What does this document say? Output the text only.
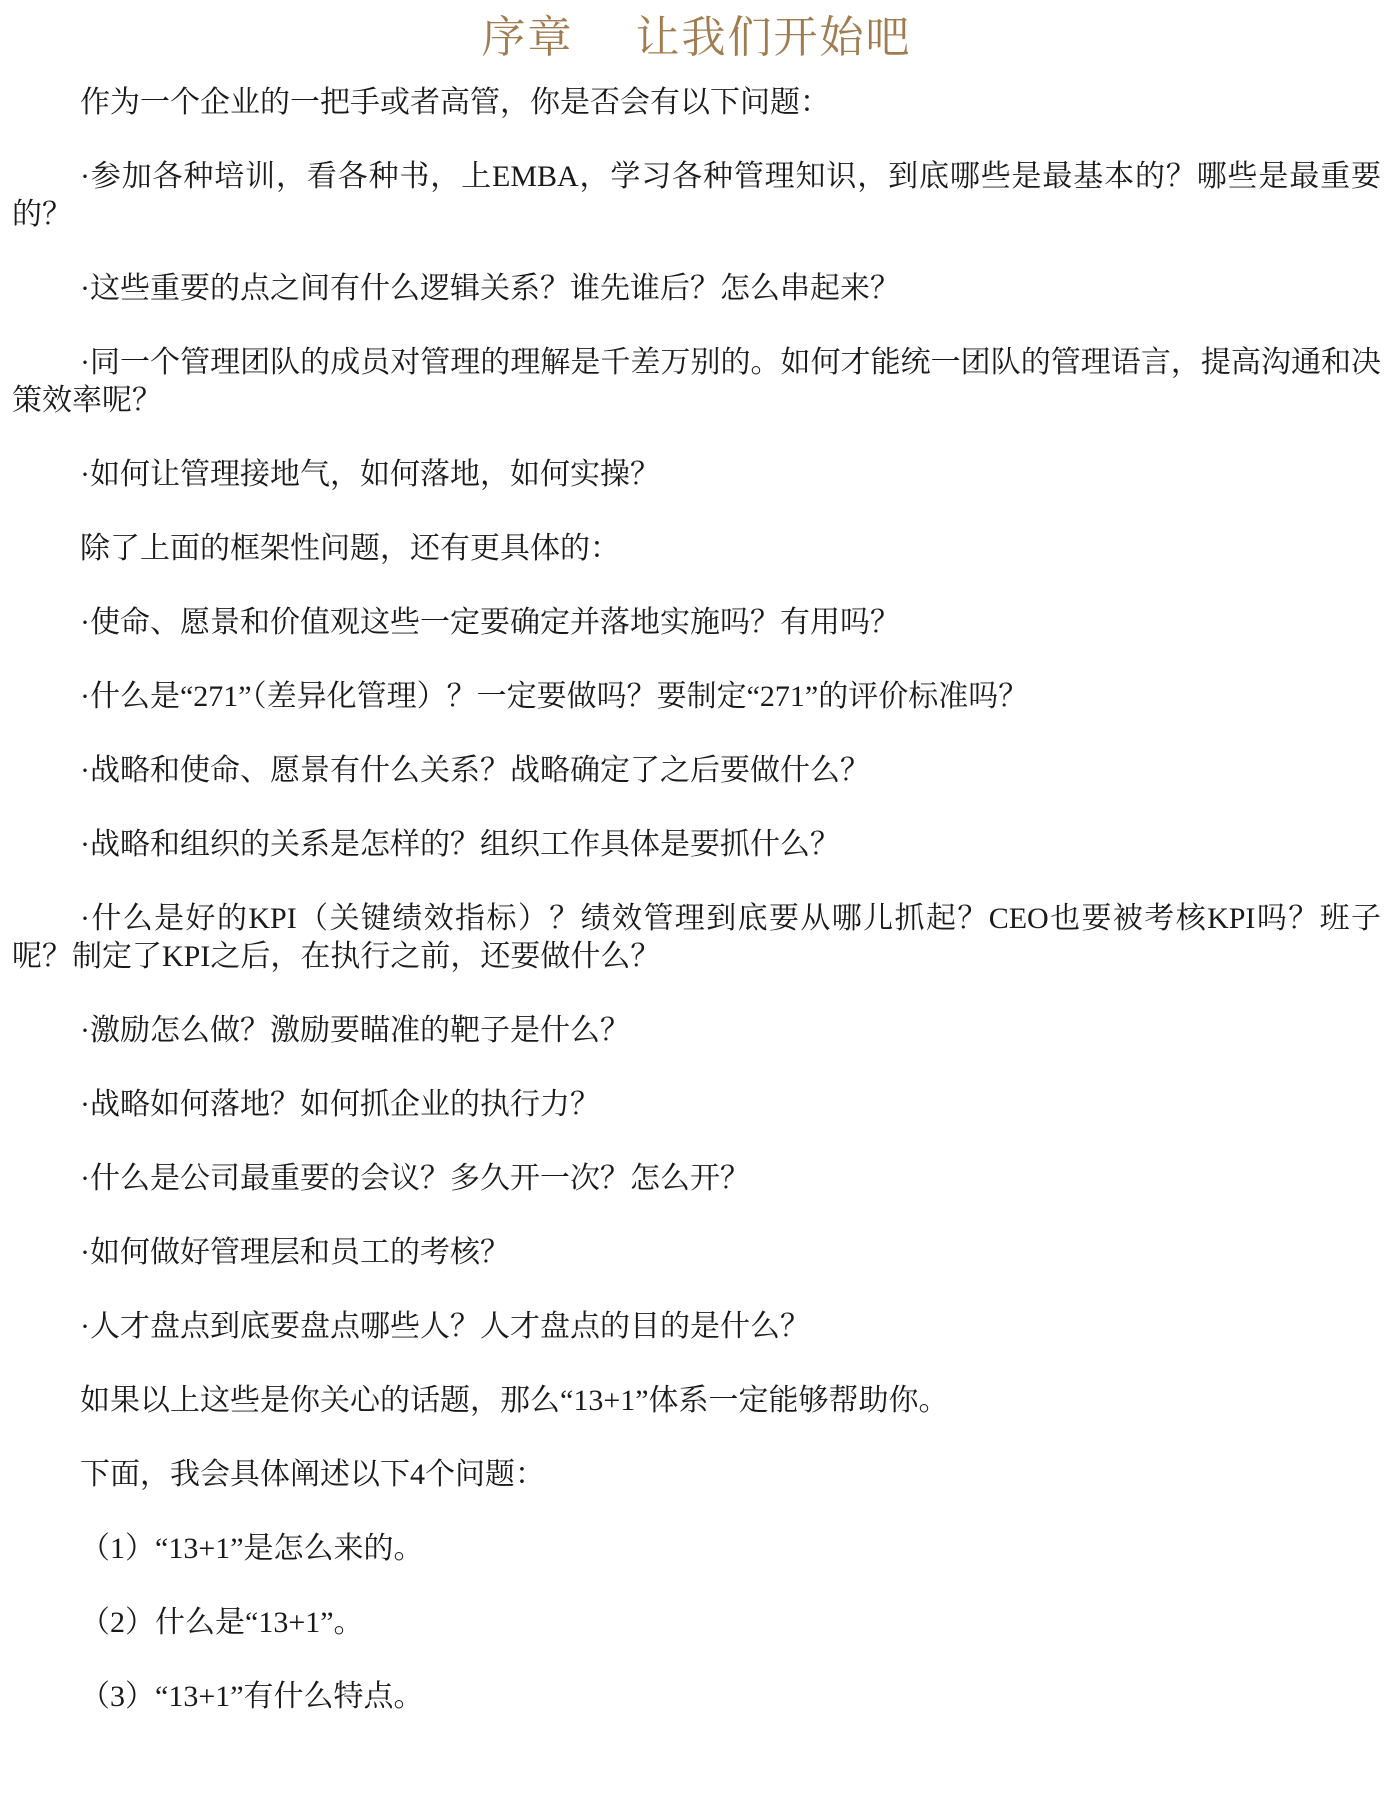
序章　 让我们开始吧

作为一个企业的一把手或者高管，你是否会有以下问题：

·参加各种培训，看各种书，上EMBA，学习各种管理知识，到底哪些是最基本的？哪些是最重要的？

·这些重要的点之间有什么逻辑关系？谁先谁后？怎么串起来？

·同一个管理团队的成员对管理的理解是千差万别的。如何才能统一团队的管理语言，提高沟通和决策效率呢？

·如何让管理接地气，如何落地，如何实操？

除了上面的框架性问题，还有更具体的：

·使命、愿景和价值观这些一定要确定并落地实施吗？有用吗？

·什么是“271”（差异化管理）？一定要做吗？要制定“271”的评价标准吗？

·战略和使命、愿景有什么关系？战略确定了之后要做什么？

·战略和组织的关系是怎样的？组织工作具体是要抓什么？

·什么是好的KPI（关键绩效指标）？绩效管理到底要从哪儿抓起？CEO也要被考核KPI吗？班子呢？制定了KPI之后，在执行之前，还要做什么？

·激励怎么做？激励要瞄准的靶子是什么？

·战略如何落地？如何抓企业的执行力？

·什么是公司最重要的会议？多久开一次？怎么开？

·如何做好管理层和员工的考核？

·人才盘点到底要盘点哪些人？人才盘点的目的是什么？

如果以上这些是你关心的话题，那么“13+1”体系一定能够帮助你。

下面，我会具体阐述以下4个问题：

（1）“13+1”是怎么来的。

（2）什么是“13+1”。

（3）“13+1”有什么特点。
